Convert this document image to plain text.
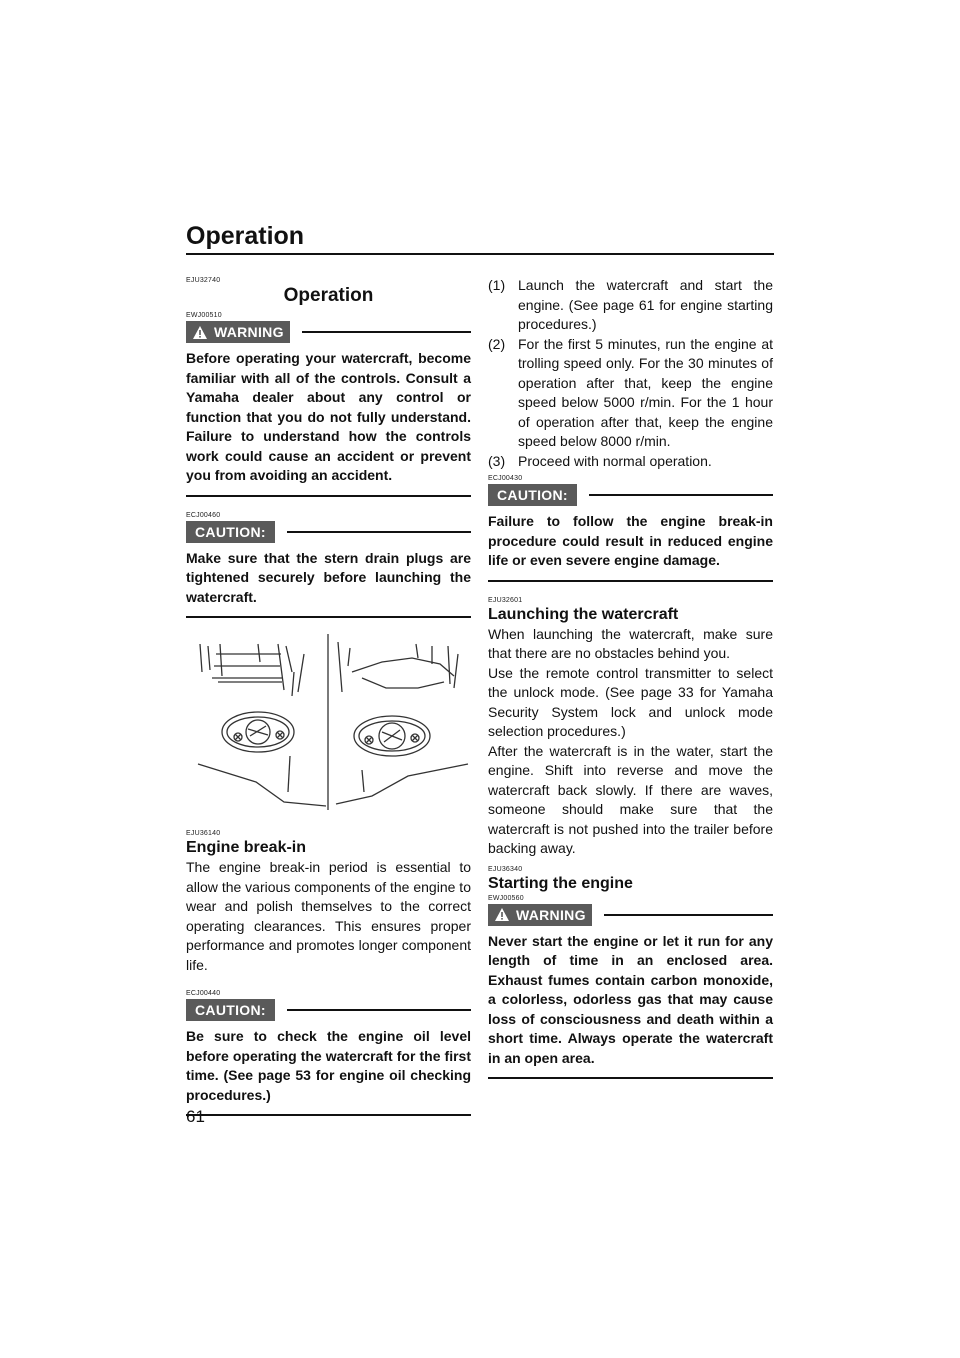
Operation
EJU32740
Operation
EWJ00510
WARNING

Before operating your watercraft, become familiar with all of the controls. Consult a Yamaha dealer about any control or function that you do not fully understand. Failure to understand how the controls work could cause an accident or prevent you from avoiding an accident.

ECJ00460
CAUTION:

Make sure that the stern drain plugs are tightened securely before launching the watercraft.

EJU36140
Engine break-in

The engine break-in period is essential to allow the various components of the engine to wear and polish themselves to the correct operating clearances. This ensures proper performance and promotes longer component life.

ECJ00440
CAUTION:

Be sure to check the engine oil level before operating the watercraft for the first time. (See page 53 for engine oil checking procedures.)

(1) Launch the watercraft and start the engine. (See page 61 for engine starting procedures.)
(2) For the first 5 minutes, run the engine at trolling speed only. For the 30 minutes of operation after that, keep the engine speed below 5000 r/min. For the 1 hour of operation after that, keep the engine speed below 8000 r/min.
(3) Proceed with normal operation.
ECJ00430
CAUTION:

Failure to follow the engine break-in procedure could result in reduced engine life or even severe engine damage.

EJU32601
Launching the watercraft

When launching the watercraft, make sure that there are no obstacles behind you.

Use the remote control transmitter to select the unlock mode. (See page 33 for Yamaha Security System lock and unlock mode selection procedures.)

After the watercraft is in the water, start the engine. Shift into reverse and move the watercraft back slowly. If there are waves, someone should make sure that the watercraft is not pushed into the trailer before backing away.

EJU36340
Starting the engine
EWJ00560
WARNING

Never start the engine or let it run for any length of time in an enclosed area. Exhaust fumes contain carbon monoxide, a colorless, odorless gas that may cause loss of consciousness and death within a short time. Always operate the watercraft in an open area.

61
